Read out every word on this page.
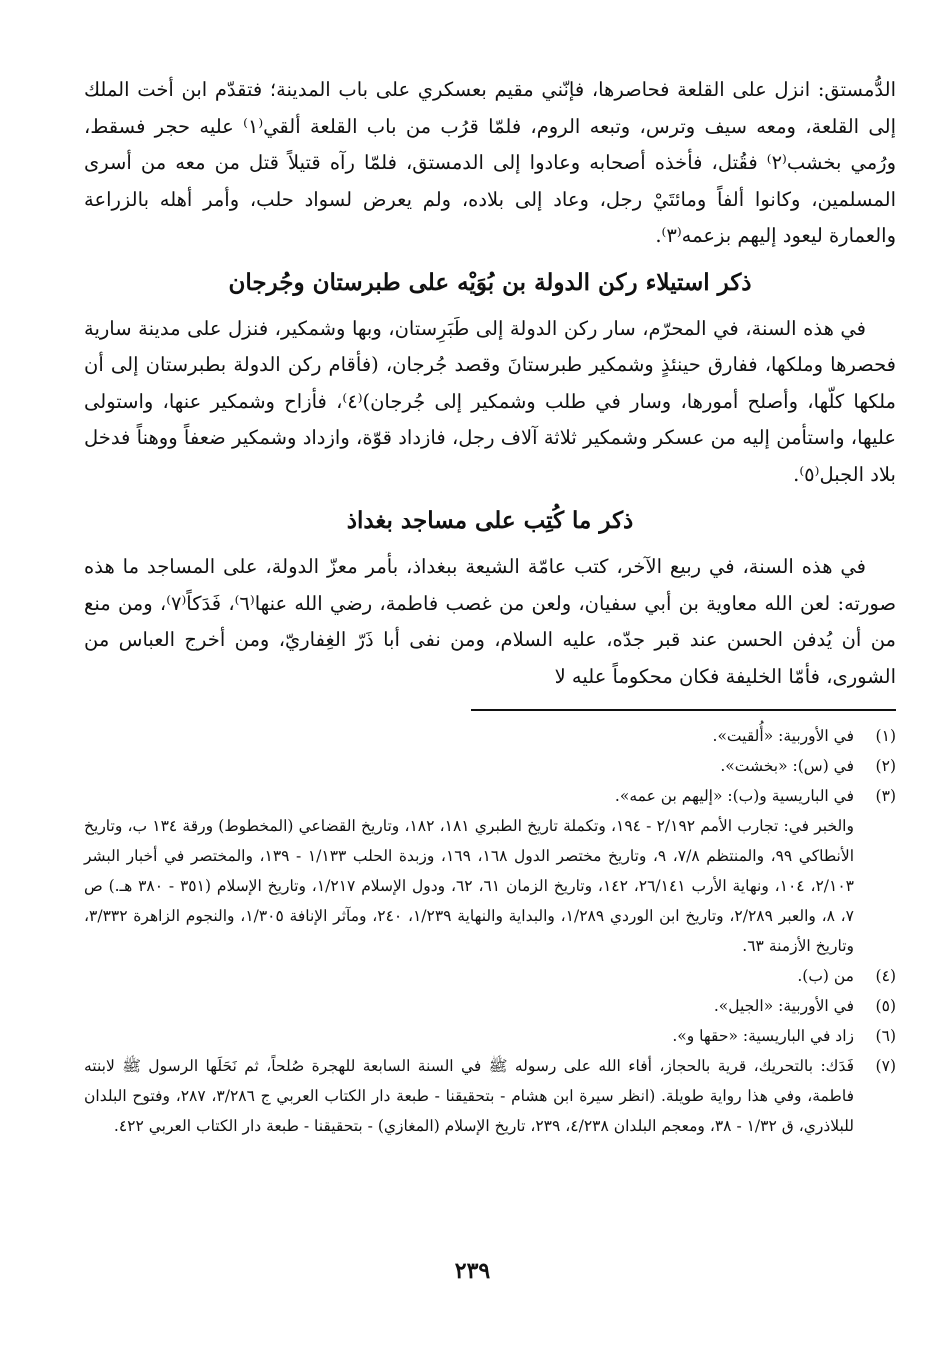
الدُّمستق: انزل على القلعة فحاصرها، فإنّني مقيم بعسكري على باب المدينة؛ فتقدّم ابن أخت الملك إلى القلعة، ومعه سيف وترس، وتبعه الروم، فلمّا قرُب من باب القلعة ألقي⁽١⁾ عليه حجر فسقط، ورُمي بخشب⁽٢⁾ فقُتل، فأخذه أصحابه وعادوا إلى الدمستق، فلمّا رآه قتيلاً قتل من معه من أسرى المسلمين، وكانوا ألفاً ومائتَيْ رجل، وعاد إلى بلاده، ولم يعرض لسواد حلب، وأمر أهله بالزراعة والعمارة ليعود إليهم بزعمه⁽٣⁾.

ذكر استيلاء ركن الدولة بن بُوَيْه على طبرستان وجُرجان

في هذه السنة، في المحرّم، سار ركن الدولة إلى طَبَرِستان، وبها وشمكير، فنزل على مدينة سارية فحصرها وملكها، ففارق حينئذٍ وشمكير طبرستانَ وقصد جُرجان، (فأقام ركن الدولة بطبرستان إلى أن ملكها كلّها، وأصلح أمورها، وسار في طلب وشمكير إلى جُرجان)⁽٤⁾، فأزاح وشمكير عنها، واستولى عليها، واستأمن إليه من عسكر وشمكير ثلاثة آلاف رجل، فازداد قوّة، وازداد وشمكير ضعفاً ووهناً فدخل بلاد الجبل⁽٥⁾.

ذكر ما كُتِب على مساجد بغداذ

في هذه السنة، في ربيع الآخر، كتب عامّة الشيعة ببغداذ، بأمر معزّ الدولة، على المساجد ما هذه صورته: لعن الله معاوية بن أبي سفيان، ولعن من غصب فاطمة، رضي الله عنها⁽٦⁾، فَدَكاً⁽٧⁾، ومن منع من أن يُدفن الحسن عند قبر جدّه، عليه السلام، ومن نفى أبا ذَرّ الغِفاريّ، ومن أخرج العباس من الشورى، فأمّا الخليفة فكان محكوماً عليه لا

(١)
في الأوربية: «أُلقيت».
(٢)
في (س): «بخشت».
(٣)
في الباريسية و(ب): «إليهم بن عمه».
والخبر في: تجارب الأمم ٢/١٩٢ - ١٩٤، وتكملة تاريخ الطبري ١٨١، ١٨٢، وتاريخ القضاعي (المخطوط) ورقة ١٣٤ ب، وتاريخ الأنطاكي ٩٩، والمنتظم ٧/٨، ٩، وتاريخ مختصر الدول ١٦٨، ١٦٩، وزبدة الحلب ١/١٣٣ - ١٣٩، والمختصر في أخبار البشر ٢/١٠٣، ١٠٤، ونهاية الأرب ٢٦/١٤١، ١٤٢، وتاريخ الزمان ٦١، ٦٢، ودول الإسلام ١/٢١٧، وتاريخ الإسلام (٣٥١ - ٣٨٠ هـ.) ص ٧، ٨، والعبر ٢/٢٨٩، وتاريخ ابن الوردي ١/٢٨٩، والبداية والنهاية ١/٢٣٩، ٢٤٠، ومآثر الإنافة ١/٣٠٥، والنجوم الزاهرة ٣/٣٣٢، وتاريخ الأزمنة ٦٣.
(٤)
من (ب).
(٥)
في الأوربية: «الجيل».
(٦)
زاد في الباريسية: «حقها و».
(٧)
فَدَك: بالتحريك، قرية بالحجاز، أفاء الله على رسوله ﷺ في السنة السابعة للهجرة صُلحاً، ثم نَحَلَها الرسول ﷺ لابنته فاطمة، وفي هذا رواية طويلة. (انظر سيرة ابن هشام - بتحقيقنا - طبعة دار الكتاب العربي ج ٣/٢٨٦، ٢٨٧، وفتوح البلدان للبلاذري، ق ١/٣٢ - ٣٨، ومعجم البلدان ٤/٢٣٨، ٢٣٩، تاريخ الإسلام (المغازي) - بتحقيقنا - طبعة دار الكتاب العربي ٤٢٢.
٢٣٩
